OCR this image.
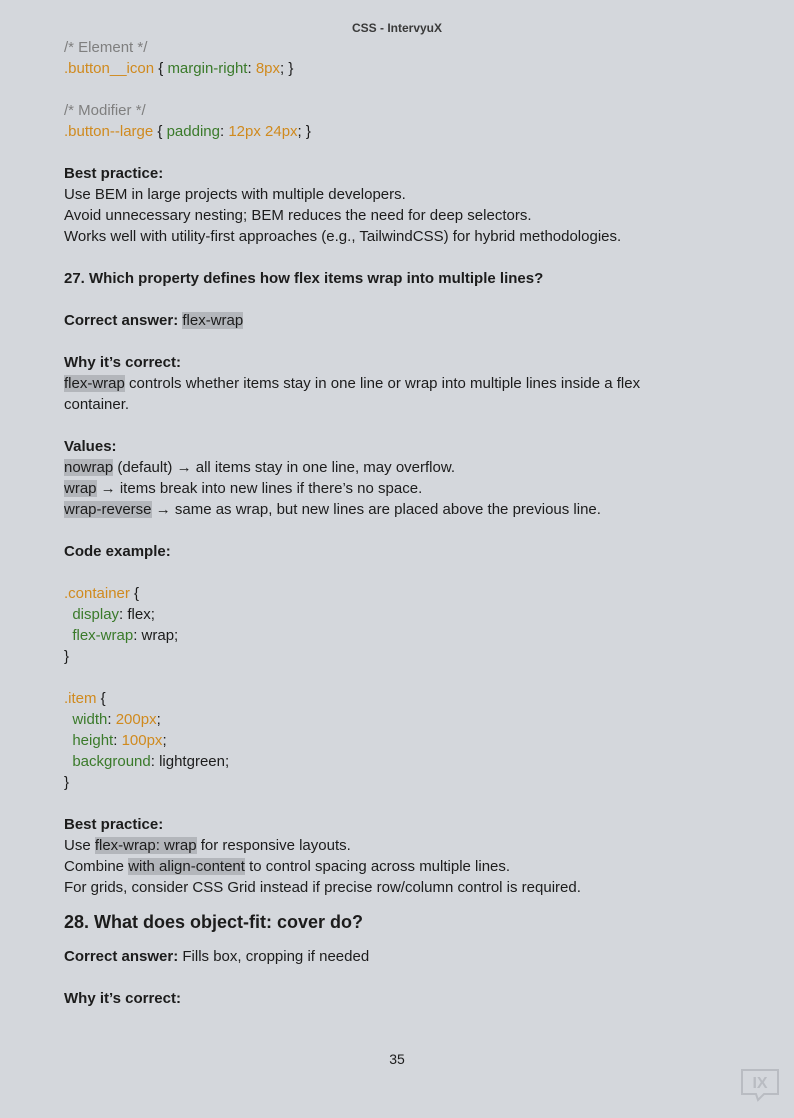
CSS - IntervyuX
/* Element */
.button__icon { margin-right: 8px; }
/* Modifier */
.button--large { padding: 12px 24px; }
Best practice:
Use BEM in large projects with multiple developers.
Avoid unnecessary nesting; BEM reduces the need for deep selectors.
Works well with utility-first approaches (e.g., TailwindCSS) for hybrid methodologies.
27. Which property defines how flex items wrap into multiple lines?
Correct answer: flex-wrap
Why it’s correct:
flex-wrap controls whether items stay in one line or wrap into multiple lines inside a flex
container.
Values:
nowrap (default) → all items stay in one line, may overflow.
wrap → items break into new lines if there’s no space.
wrap-reverse → same as wrap, but new lines are placed above the previous line.
Code example:
.container {
display: flex;
flex-wrap: wrap;
}
.item {
width: 200px;
height: 100px;
background: lightgreen;
}
Best practice:
Use flex-wrap: wrap for responsive layouts.
Combine with align-content to control spacing across multiple lines.
For grids, consider CSS Grid instead if precise row/column control is required.
28. What does object-fit: cover do?
Correct answer: Fills box, cropping if needed
Why it’s correct:
35
IX
